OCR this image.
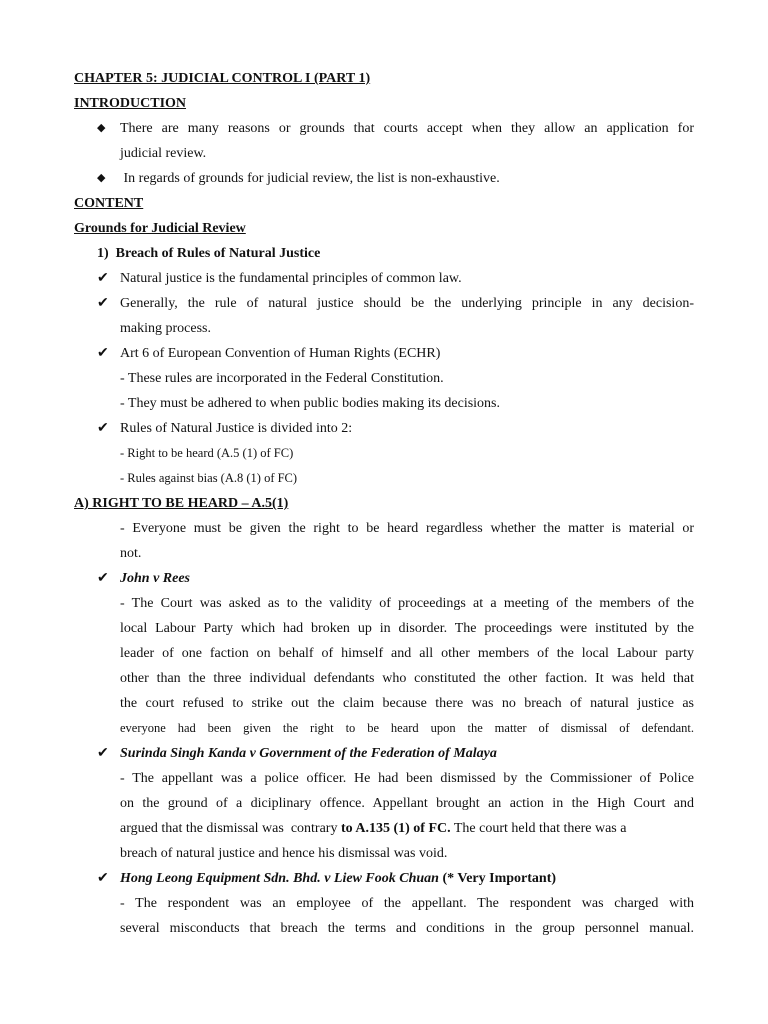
CHAPTER 5: JUDICIAL CONTROL I (PART 1)
INTRODUCTION
◆	There are many reasons or grounds that courts accept when they allow an application for
judicial review.
◆	In regards of grounds for judicial review, the list is non-exhaustive.
CONTENT
Grounds for Judicial Review
1)  Breach of Rules of Natural Justice
✔ Natural justice is the fundamental principles of common law.
✔ Generally, the rule of natural justice should be the underlying principle in any decision-
making process.
✔ Art 6 of European Convention of Human Rights (ECHR)
- These rules are incorporated in the Federal Constitution.
- They must be adhered to when public bodies making its decisions.
✔ Rules of Natural Justice is divided into 2:
- Right to be heard (A.5 (1) of FC)
- Rules against bias (A.8 (1) of FC)
A) RIGHT TO BE HEARD – A.5(1)
- Everyone must be given the right to be heard regardless whether the matter is material or
not.
✔ John v Rees
- The Court was asked as to the validity of proceedings at a meeting of the members of the
local Labour Party which had broken up in disorder. The proceedings were instituted by the
leader of one faction on behalf of himself and all other members of the local Labour party
other than the three individual defendants who constituted the other faction. It was held that
the court refused to strike out the claim because there was no breach of natural justice as
everyone had been given the right to be heard upon the matter of dismissal of defendant.
✔ Surinda Singh Kanda v Government of the Federation of Malaya
- The appellant was a police officer. He had been dismissed by the Commissioner of Police
on the ground of a diciplinary offence. Appellant brought an action in the High Court and
argued that the dismissal was  contrary to A.135 (1) of FC. The court held that there was a
breach of natural justice and hence his dismissal was void.
✔ Hong Leong Equipment Sdn. Bhd. v Liew Fook Chuan (* Very Important)
- The respondent was an employee of the appellant. The respondent was charged with
several misconducts that breach the terms and conditions in the group personnel manual.
